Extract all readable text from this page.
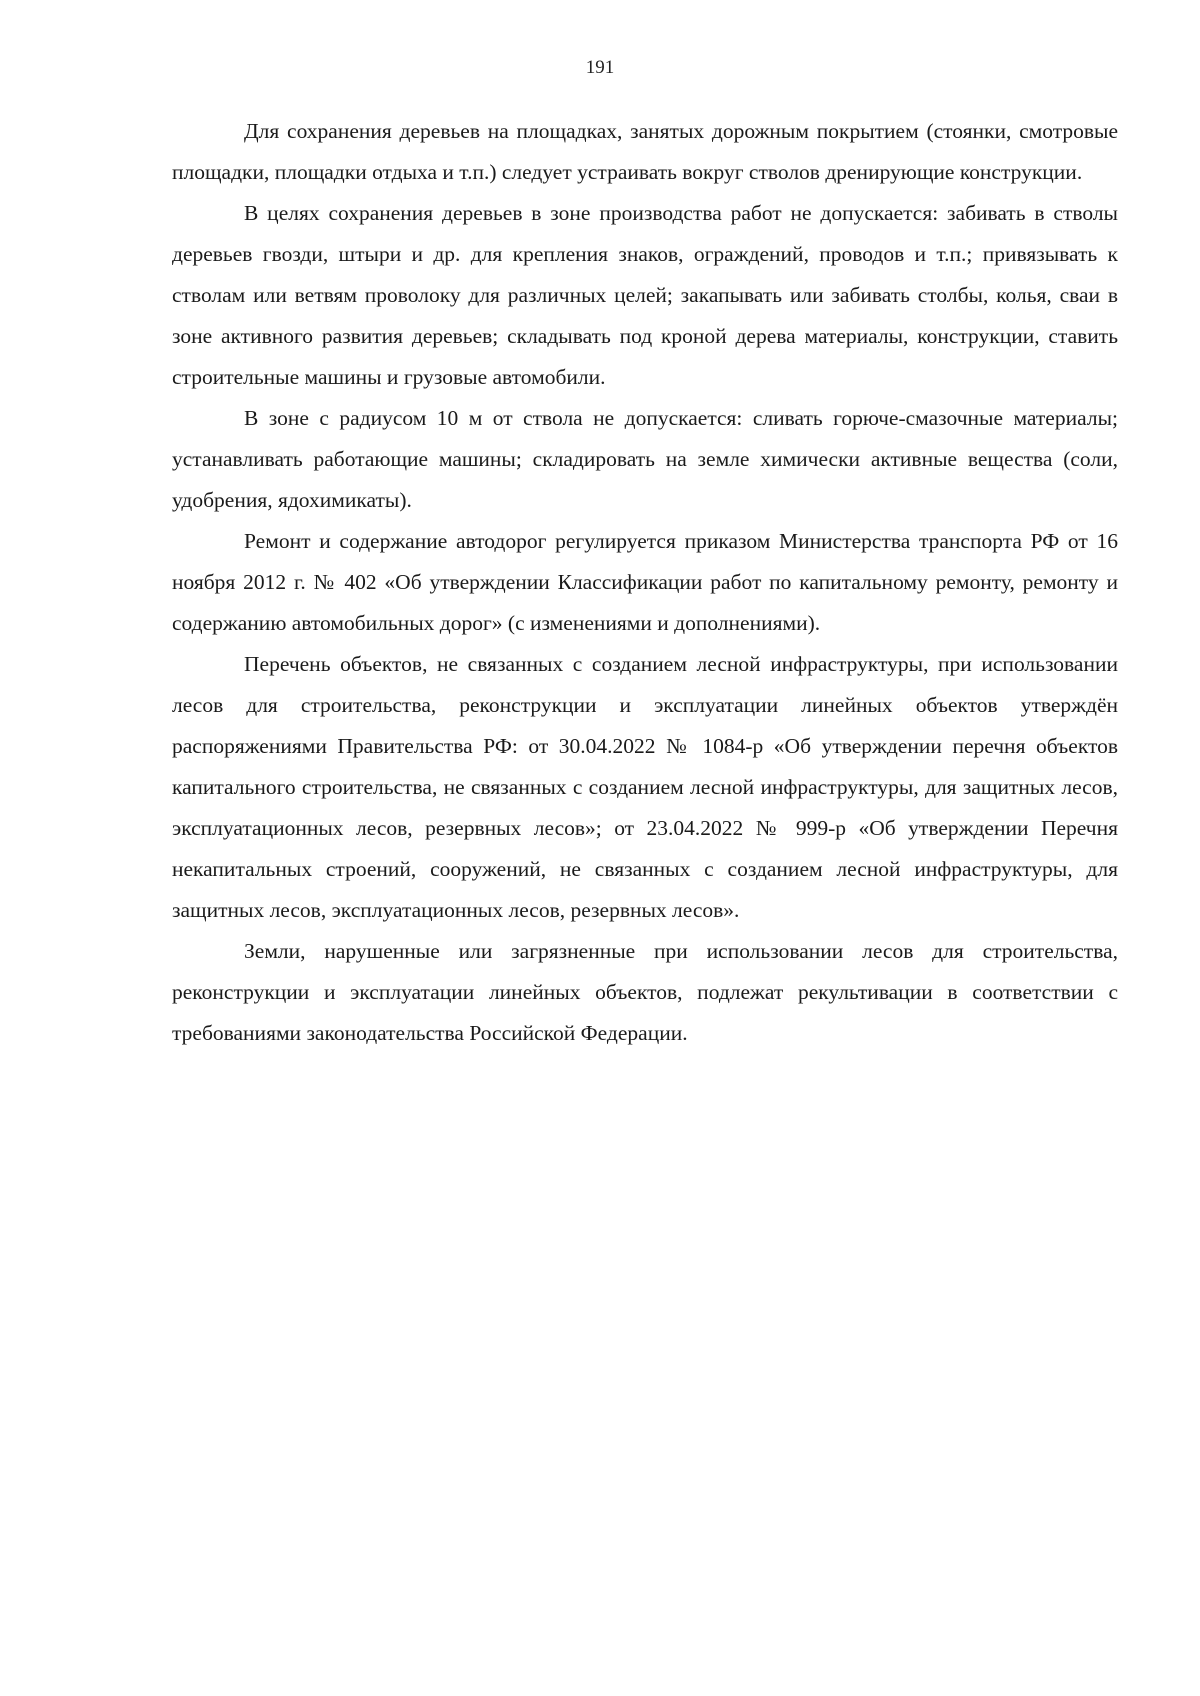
191

Для сохранения деревьев на площадках, занятых дорожным покрытием (стоянки, смотровые площадки, площадки отдыха и т.п.) следует устраивать вокруг стволов дренирующие конструкции.

В целях сохранения деревьев в зоне производства работ не допускается: забивать в стволы деревьев гвозди, штыри и др. для крепления знаков, ограждений, проводов и т.п.; привязывать к стволам или ветвям проволоку для различных целей; закапывать или забивать столбы, колья, сваи в зоне активного развития деревьев; складывать под кроной дерева материалы, конструкции, ставить строительные машины и грузовые автомобили.

В зоне с радиусом 10 м от ствола не допускается: сливать горюче-смазочные материалы; устанавливать работающие машины; складировать на земле химически активные вещества (соли, удобрения, ядохимикаты).

Ремонт и содержание автодорог регулируется приказом Министерства транспорта РФ от 16 ноября 2012 г. № 402 «Об утверждении Классификации работ по капитальному ремонту, ремонту и содержанию автомобильных дорог» (с изменениями и дополнениями).

Перечень объектов, не связанных с созданием лесной инфраструктуры, при использовании лесов для строительства, реконструкции и эксплуатации линейных объектов утверждён распоряжениями Правительства РФ: от 30.04.2022 № 1084-р «Об утверждении перечня объектов капитального строительства, не связанных с созданием лесной инфраструктуры, для защитных лесов, эксплуатационных лесов, резервных лесов»; от 23.04.2022 № 999-р «Об утверждении Перечня некапитальных строений, сооружений, не связанных с созданием лесной инфраструктуры, для защитных лесов, эксплуатационных лесов, резервных лесов».

Земли, нарушенные или загрязненные при использовании лесов для строительства, реконструкции и эксплуатации линейных объектов, подлежат рекультивации в соответствии с требованиями законодательства Российской Федерации.
